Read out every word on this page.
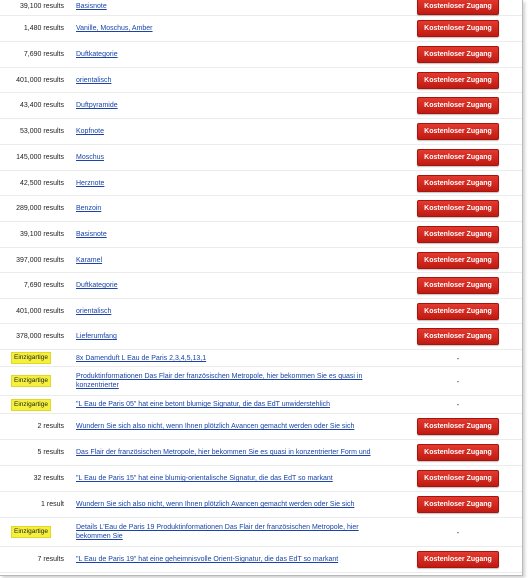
39,100 results	Basisnote	Kostenloser Zugang
1,480 results	Vanille, Moschus, Amber	Kostenloser Zugang
7,690 results	Duftkategorie	Kostenloser Zugang
401,000 results	orientalisch	Kostenloser Zugang
43,400 results	Duftpyramide	Kostenloser Zugang
53,000 results	Kopfnote	Kostenloser Zugang
145,000 results	Moschus	Kostenloser Zugang
42,500 results	Herznote	Kostenloser Zugang
289,000 results	Benzoin	Kostenloser Zugang
39,100 results	Basisnote	Kostenloser Zugang
397,000 results	Karamel	Kostenloser Zugang
7,690 results	Duftkategorie	Kostenloser Zugang
401,000 results	orientalisch	Kostenloser Zugang
378,000 results	Lieferumfang	Kostenloser Zugang
Einzigartige	8x Damenduft L Eau de Paris 2,3,4,5,13,1	-
Einzigartige	Produktinformationen Das Flair der französischen Metropole, hier bekommen Sie es quasi in konzentrierter	-
Einzigartige	"L Eau de Paris 05" hat eine betont blumige Signatur, die das EdT unwiderstehlich	-
2 results	Wundern Sie sich also nicht, wenn Ihnen plötzlich Avancen gemacht werden oder Sie sich	Kostenloser Zugang
5 results	Das Flair der französischen Metropole, hier bekommen Sie es quasi in konzentrierter Form und	Kostenloser Zugang
32 results	"L Eau de Paris 15" hat eine blumig-orientalische Signatur, die das EdT so markant	Kostenloser Zugang
1 result	Wundern Sie sich also nicht, wenn Ihnen plötzlich Avancen gemacht werden oder Sie sich	Kostenloser Zugang
Einzigartige	Details L'Eau de Paris 19 Produktinformationen Das Flair der französischen Metropole, hier bekommen Sie	-
7 results	"L Eau de Paris 19" hat eine geheimnisvolle Orient-Signatur, die das EdT so markant	Kostenloser Zugang
